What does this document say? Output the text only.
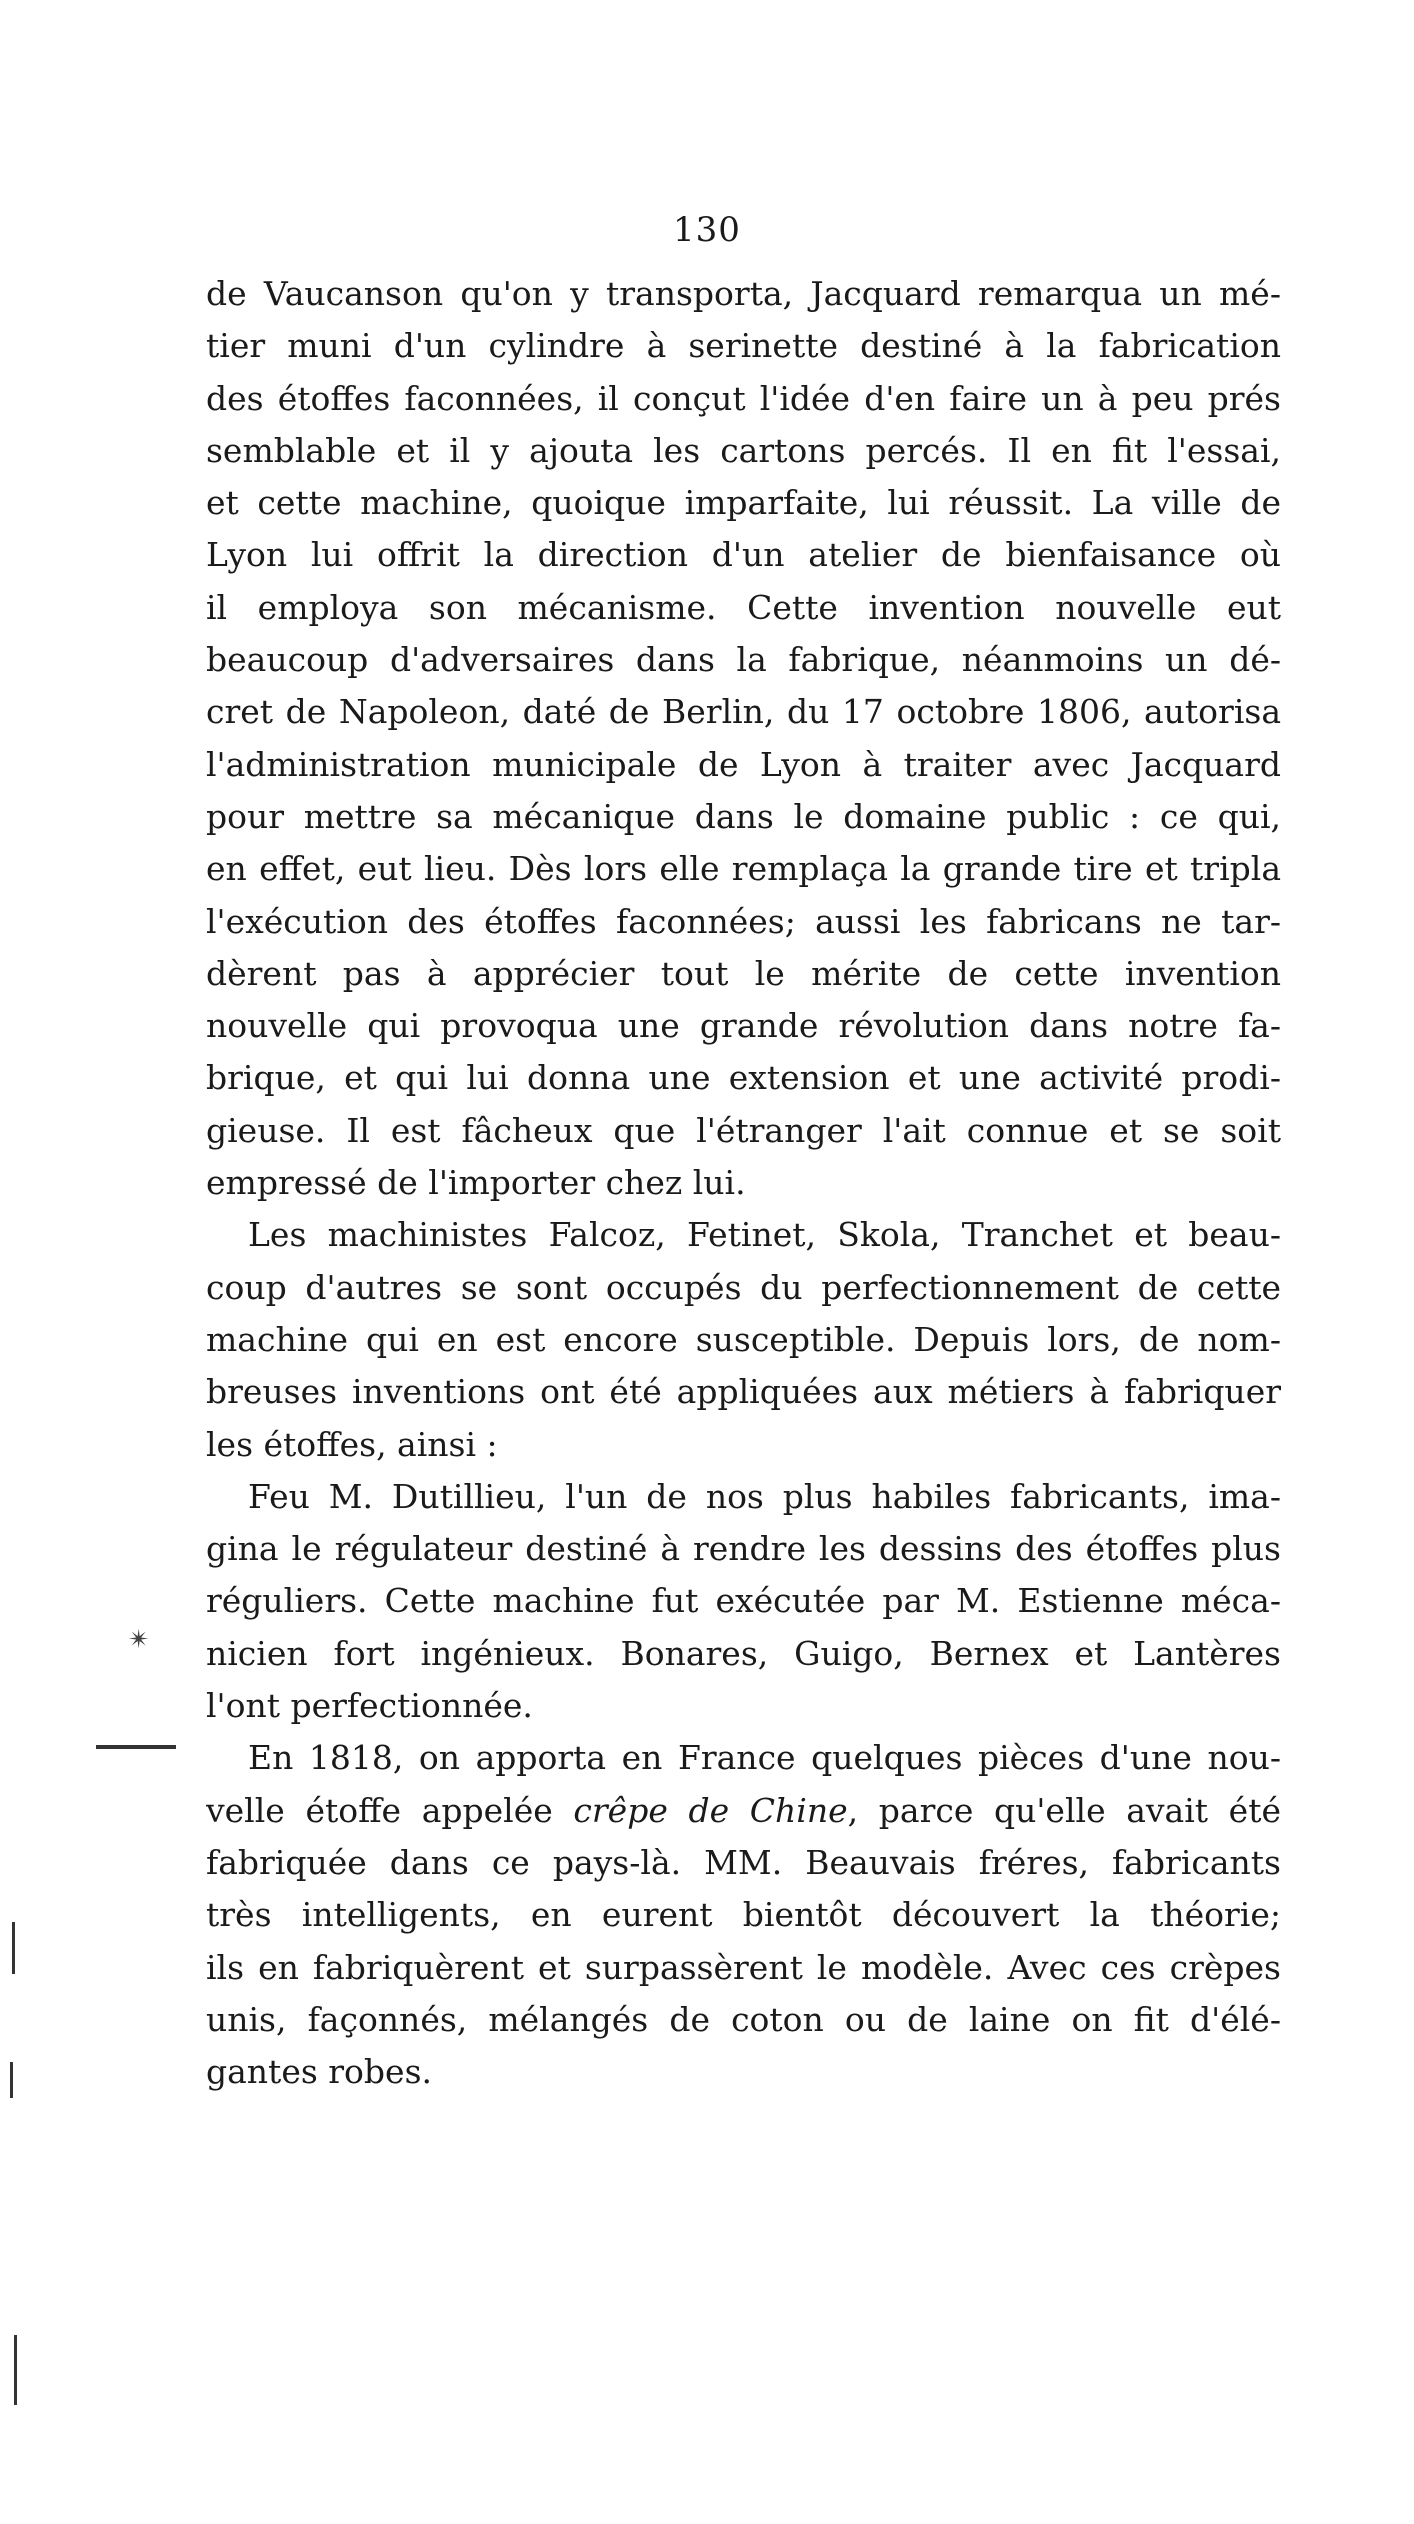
130

de Vaucanson qu'on y transporta, Jacquard remarqua un mé-
tier muni d'un cylindre à serinette destiné à la fabrication
des étoffes faconnées, il conçut l'idée d'en faire un à peu prés
semblable et il y ajouta les cartons percés. Il en fit l'essai,
et cette machine, quoique imparfaite, lui réussit. La ville de
Lyon lui offrit la direction d'un atelier de bienfaisance où
il employa son mécanisme. Cette invention nouvelle eut
beaucoup d'adversaires dans la fabrique, néanmoins un dé-
cret de Napoleon, daté de Berlin, du 17 octobre 1806, autorisa
l'administration municipale de Lyon à traiter avec Jacquard
pour mettre sa mécanique dans le domaine public : ce qui,
en effet, eut lieu. Dès lors elle remplaça la grande tire et tripla
l'exécution des étoffes faconnées; aussi les fabricans ne tar-
dèrent pas à apprécier tout le mérite de cette invention
nouvelle qui provoqua une grande révolution dans notre fa-
brique, et qui lui donna une extension et une activité prodi-
gieuse. Il est fâcheux que l'étranger l'ait connue et se soit
empressé de l'importer chez lui.

Les machinistes Falcoz, Fetinet, Skola, Tranchet et beau-
coup d'autres se sont occupés du perfectionnement de cette
machine qui en est encore susceptible. Depuis lors, de nom-
breuses inventions ont été appliquées aux métiers à fabriquer
les étoffes, ainsi :

Feu M. Dutillieu, l'un de nos plus habiles fabricants, ima-
gina le régulateur destiné à rendre les dessins des étoffes plus
réguliers. Cette machine fut exécutée par M. Estienne méca-
nicien fort ingénieux. Bonares, Guigo, Bernex et Lantères
l'ont perfectionnée.

En 1818, on apporta en France quelques pièces d'une nou-
velle étoffe appelée crêpe de Chine, parce qu'elle avait été
fabriquée dans ce pays-là. MM. Beauvais fréres, fabricants
très intelligents, en eurent bientôt découvert la théorie;
ils en fabriquèrent et surpassèrent le modèle. Avec ces crèpes
unis, façonnés, mélangés de coton ou de laine on fit d'élé-
gantes robes.

✴
